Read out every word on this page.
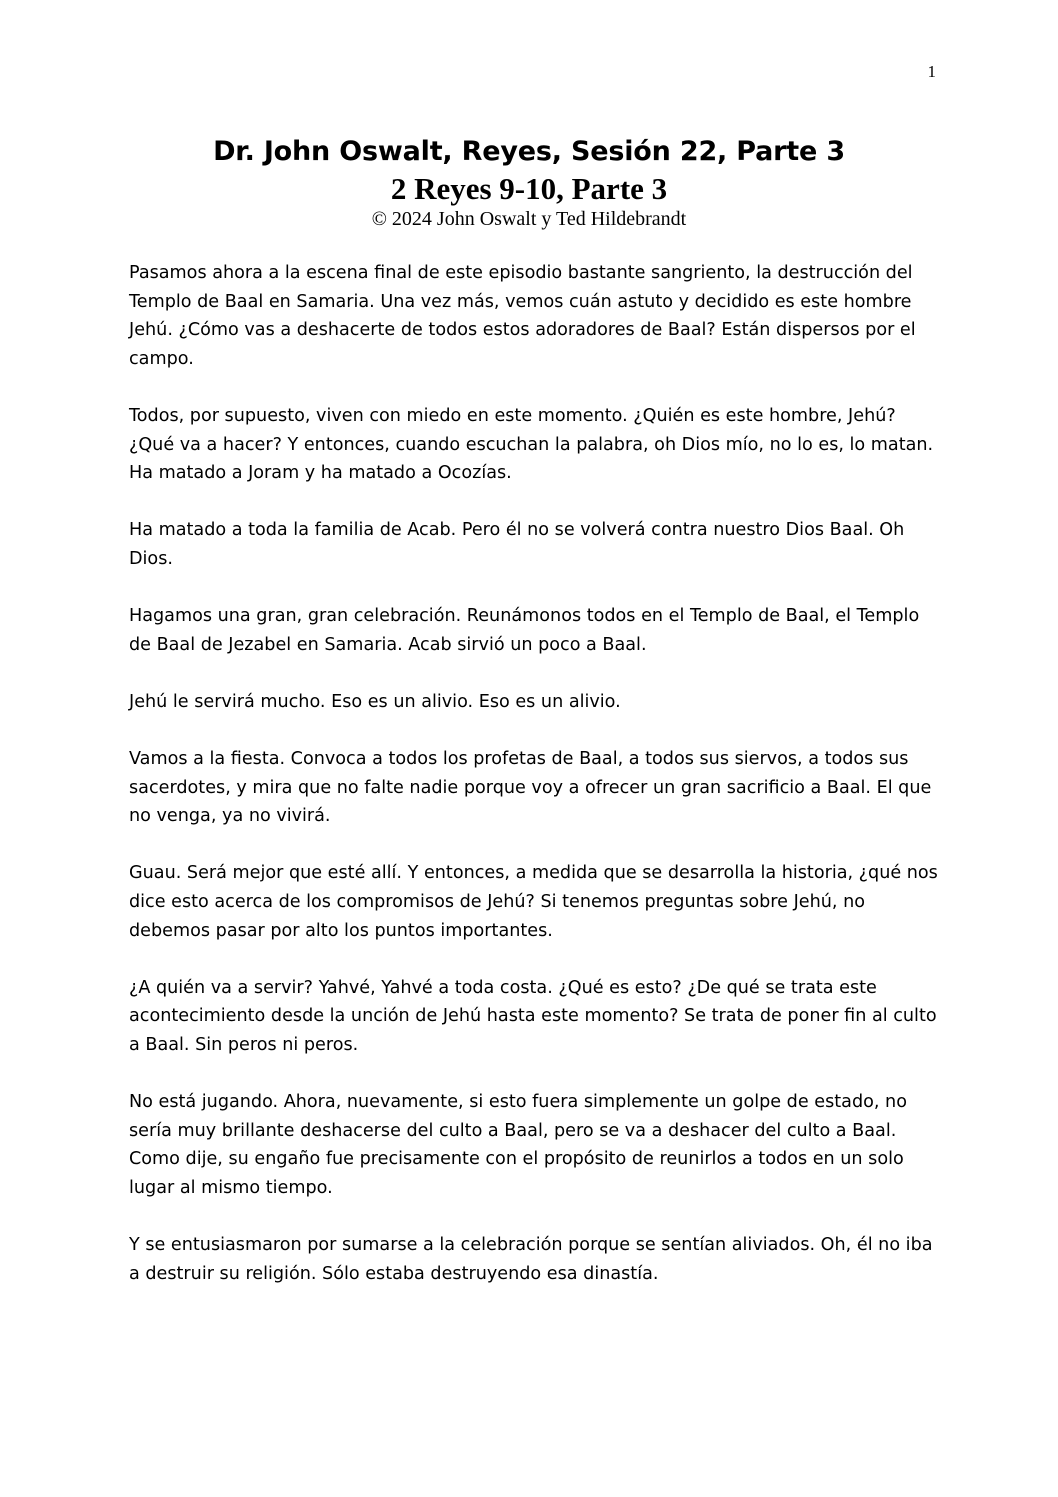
1
Dr. John Oswalt, Reyes, Sesión 22, Parte 3
2 Reyes 9-10, Parte 3
© 2024 John Oswalt y Ted Hildebrandt

Pasamos ahora a la escena final de este episodio bastante sangriento, la destrucción del Templo de Baal en Samaria. Una vez más, vemos cuán astuto y decidido es este hombre Jehú. ¿Cómo vas a deshacerte de todos estos adoradores de Baal? Están dispersos por el campo.

Todos, por supuesto, viven con miedo en este momento. ¿Quién es este hombre, Jehú? ¿Qué va a hacer? Y entonces, cuando escuchan la palabra, oh Dios mío, no lo es, lo matan. Ha matado a Joram y ha matado a Ocozías.

Ha matado a toda la familia de Acab. Pero él no se volverá contra nuestro Dios Baal. Oh Dios.

Hagamos una gran, gran celebración. Reunámonos todos en el Templo de Baal, el Templo de Baal de Jezabel en Samaria. Acab sirvió un poco a Baal.

Jehú le servirá mucho. Eso es un alivio. Eso es un alivio.

Vamos a la fiesta. Convoca a todos los profetas de Baal, a todos sus siervos, a todos sus sacerdotes, y mira que no falte nadie porque voy a ofrecer un gran sacrificio a Baal. El que no venga, ya no vivirá.

Guau. Será mejor que esté allí. Y entonces, a medida que se desarrolla la historia, ¿qué nos dice esto acerca de los compromisos de Jehú? Si tenemos preguntas sobre Jehú, no debemos pasar por alto los puntos importantes.

¿A quién va a servir? Yahvé, Yahvé a toda costa. ¿Qué es esto? ¿De qué se trata este acontecimiento desde la unción de Jehú hasta este momento? Se trata de poner fin al culto a Baal. Sin peros ni peros.

No está jugando. Ahora, nuevamente, si esto fuera simplemente un golpe de estado, no sería muy brillante deshacerse del culto a Baal, pero se va a deshacer del culto a Baal. Como dije, su engaño fue precisamente con el propósito de reunirlos a todos en un solo lugar al mismo tiempo.

Y se entusiasmaron por sumarse a la celebración porque se sentían aliviados. Oh, él no iba a destruir su religión. Sólo estaba destruyendo esa dinastía.
